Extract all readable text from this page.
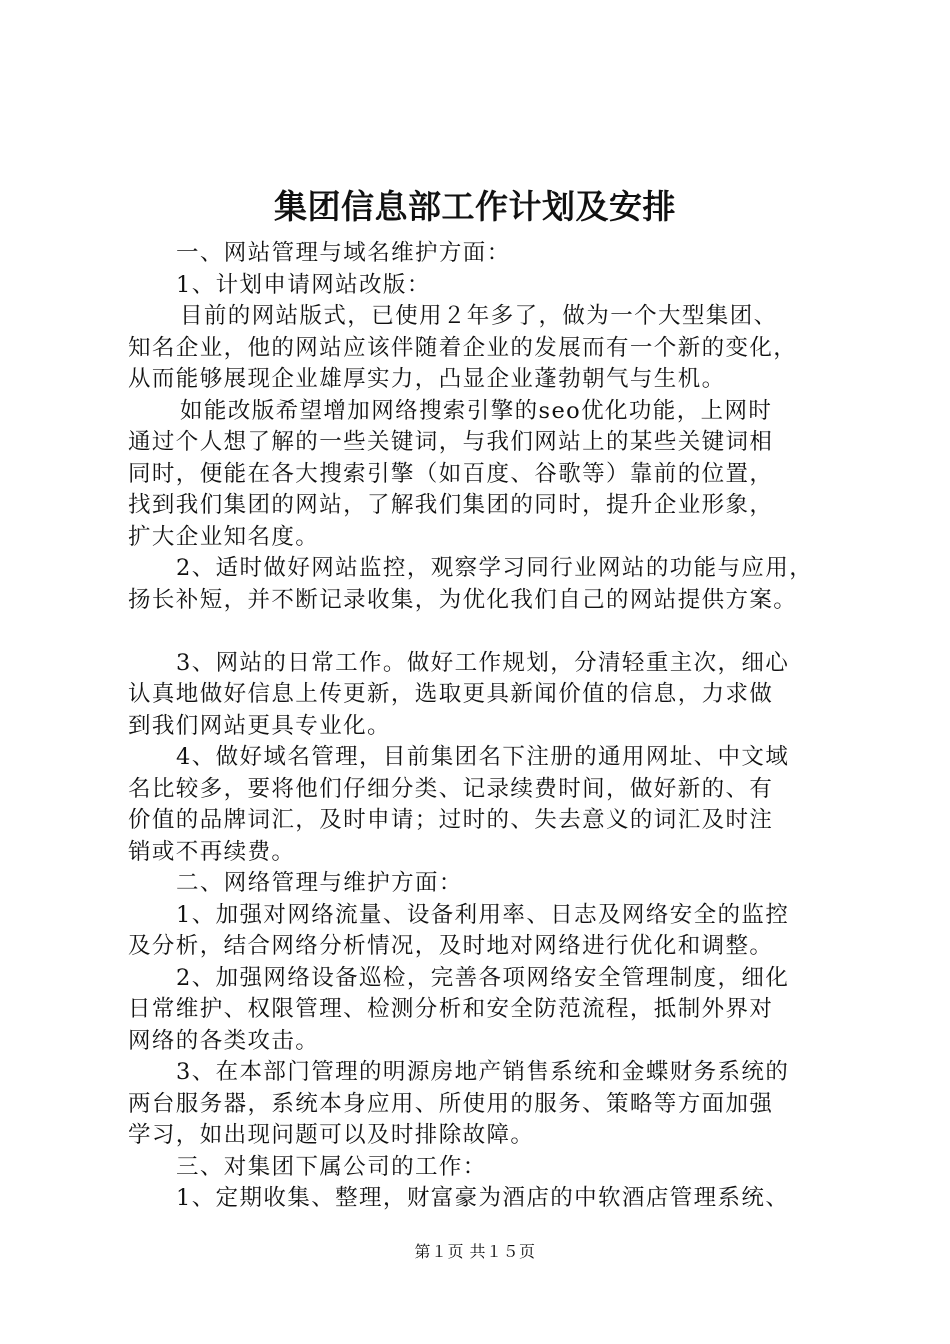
集团信息部工作计划及安排
一、网站管理与域名维护方面：
1、计划申请网站改版：
目前的网站版式，已使用２年多了，做为一个大型集团、
知名企业，他的网站应该伴随着企业的发展而有一个新的变化，
从而能够展现企业雄厚实力，凸显企业蓬勃朝气与生机。
如能改版希望增加网络搜索引擎的seo优化功能，上网时
通过个人想了解的一些关键词，与我们网站上的某些关键词相
同时，便能在各大搜索引擎（如百度、谷歌等）靠前的位置，
找到我们集团的网站，了解我们集团的同时，提升企业形象，
扩大企业知名度。
2、适时做好网站监控，观察学习同行业网站的功能与应用，
扬长补短，并不断记录收集，为优化我们自己的网站提供方案。
3、网站的日常工作。做好工作规划，分清轻重主次，细心
认真地做好信息上传更新，选取更具新闻价值的信息，力求做
到我们网站更具专业化。
4、做好域名管理，目前集团名下注册的通用网址、中文域
名比较多，要将他们仔细分类、记录续费时间，做好新的、有
价值的品牌词汇，及时申请；过时的、失去意义的词汇及时注
销或不再续费。
二、网络管理与维护方面：
1、加强对网络流量、设备利用率、日志及网络安全的监控
及分析，结合网络分析情况，及时地对网络进行优化和调整。
2、加强网络设备巡检，完善各项网络安全管理制度，细化
日常维护、权限管理、检测分析和安全防范流程，抵制外界对
网络的各类攻击。
3、在本部门管理的明源房地产销售系统和金蝶财务系统的
两台服务器，系统本身应用、所使用的服务、策略等方面加强
学习，如出现问题可以及时排除故障。
三、对集团下属公司的工作：
1、定期收集、整理，财富豪为酒店的中软酒店管理系统、
第１页 共１５页
